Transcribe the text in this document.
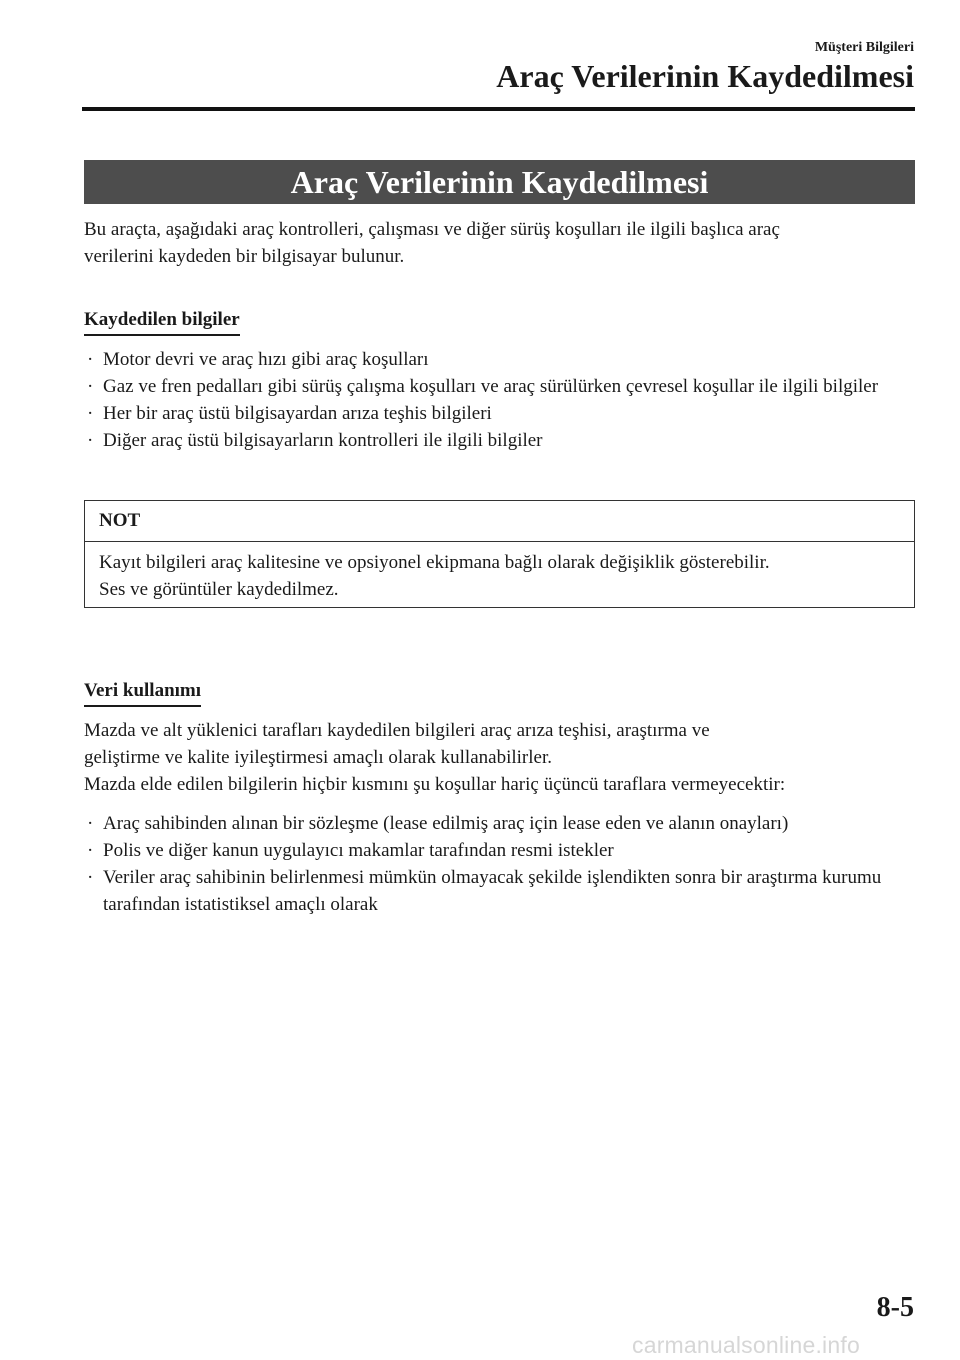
Müşteri Bilgileri
Araç Verilerinin Kaydedilmesi
Araç Verilerinin Kaydedilmesi
Bu araçta, aşağıdaki araç kontrolleri, çalışması ve diğer sürüş koşulları ile ilgili başlıca araç
verilerini kaydeden bir bilgisayar bulunur.
Kaydedilen bilgiler
· Motor devri ve araç hızı gibi araç koşulları
· Gaz ve fren pedalları gibi sürüş çalışma koşulları ve araç sürülürken çevresel koşullar ile ilgili bilgiler
· Her bir araç üstü bilgisayardan arıza teşhis bilgileri
· Diğer araç üstü bilgisayarların kontrolleri ile ilgili bilgiler
NOT
Kayıt bilgileri araç kalitesine ve opsiyonel ekipmana bağlı olarak değişiklik gösterebilir.
Ses ve görüntüler kaydedilmez.
Veri kullanımı
Mazda ve alt yüklenici tarafları kaydedilen bilgileri araç arıza teşhisi, araştırma ve
geliştirme ve kalite iyileştirmesi amaçlı olarak kullanabilirler.
Mazda elde edilen bilgilerin hiçbir kısmını şu koşullar hariç üçüncü taraflara vermeyecektir:
· Araç sahibinden alınan bir sözleşme (lease edilmiş araç için lease eden ve alanın onayları)
· Polis ve diğer kanun uygulayıcı makamlar tarafından resmi istekler
· Veriler araç sahibinin belirlenmesi mümkün olmayacak şekilde işlendikten sonra bir araştırma kurumu tarafından istatistiksel amaçlı olarak
8-5
carmanualsonline.info
